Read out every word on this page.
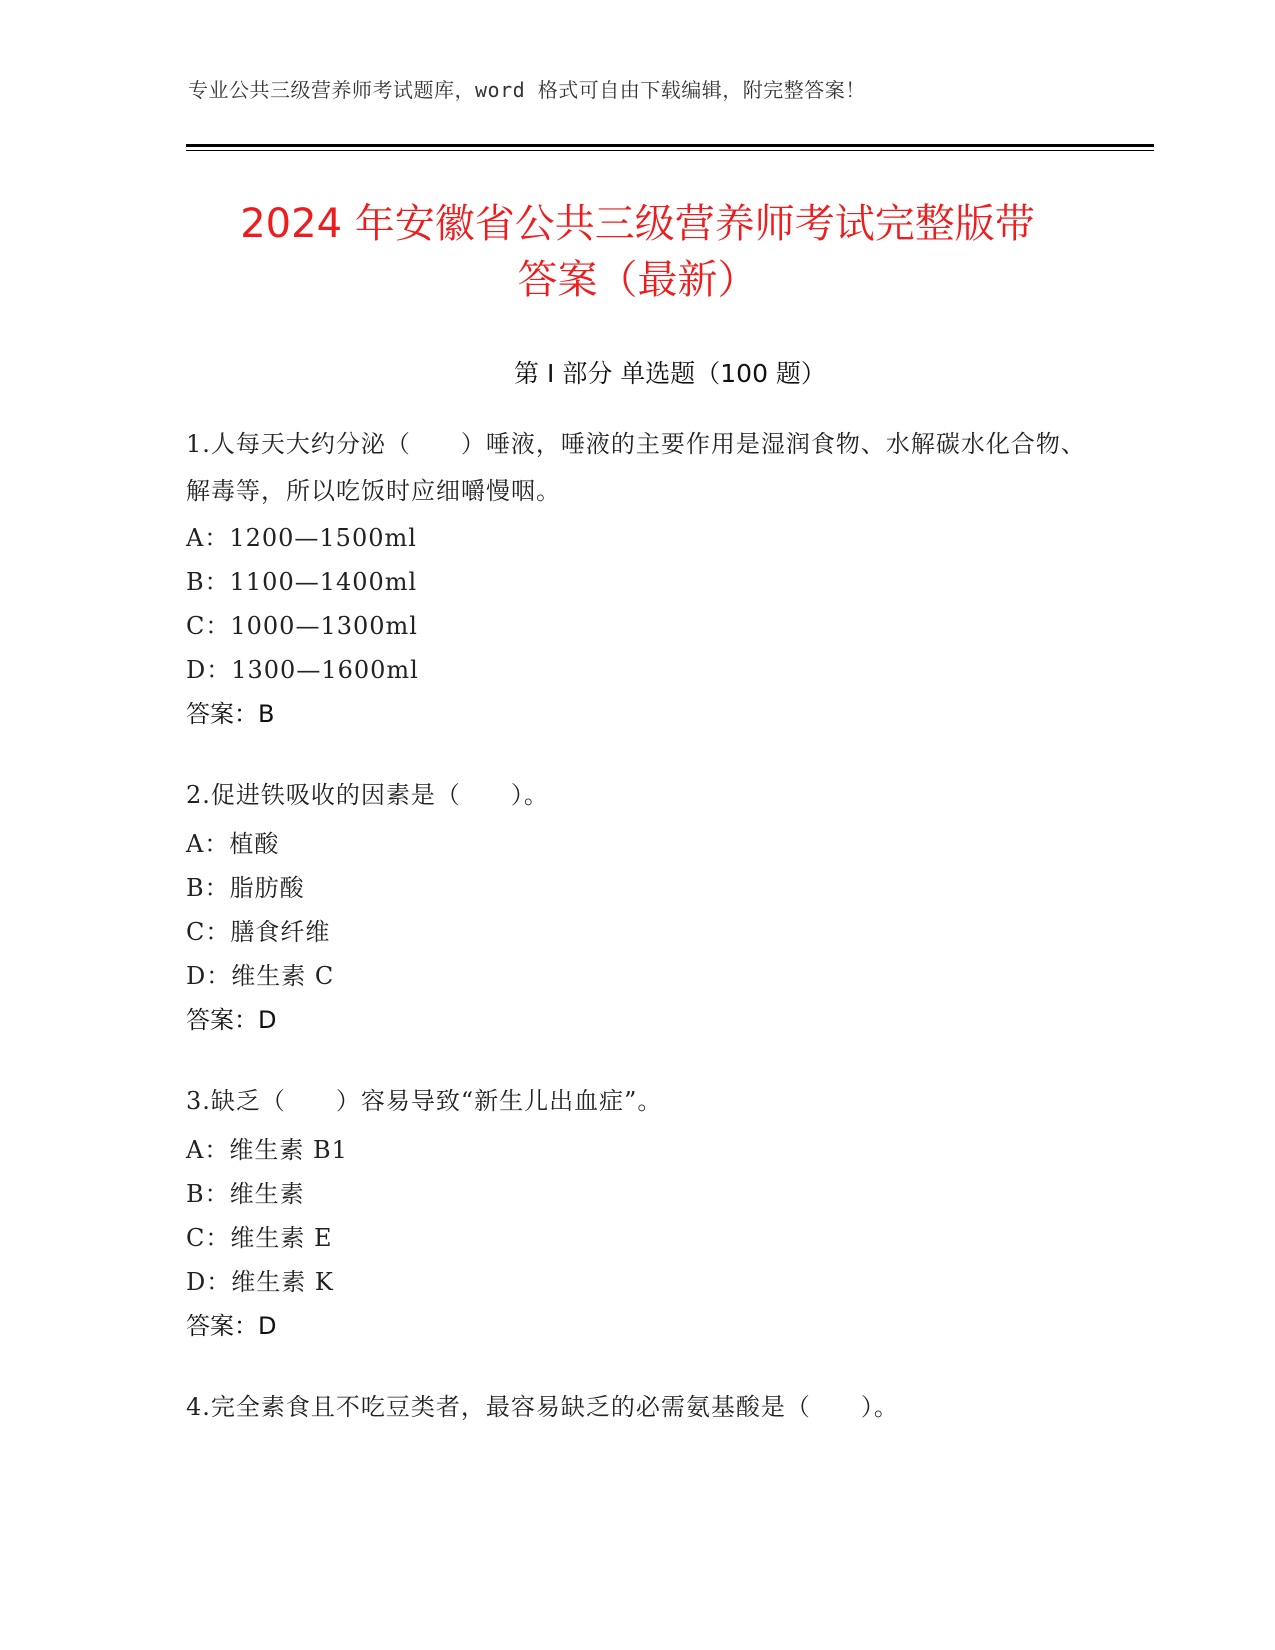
专业公共三级营养师考试题库，word 格式可自由下载编辑，附完整答案！
2024 年安徽省公共三级营养师考试完整版带
答案（最新）
第 I 部分 单选题（100 题）
1.人每天大约分泌（　　）唾液，唾液的主要作用是湿润食物、水解碳水化合物、解毒等，所以吃饭时应细嚼慢咽。
A：1200—1500ml
B：1100—1400ml
C：1000—1300ml
D：1300—1600ml
答案：B
2.促进铁吸收的因素是（　　）。
A：植酸
B：脂肪酸
C：膳食纤维
D：维生素 C
答案：D
3.缺乏（　　）容易导致“新生儿出血症”。
A：维生素 B1
B：维生素
C：维生素 E
D：维生素 K
答案：D
4.完全素食且不吃豆类者，最容易缺乏的必需氨基酸是（　　）。
